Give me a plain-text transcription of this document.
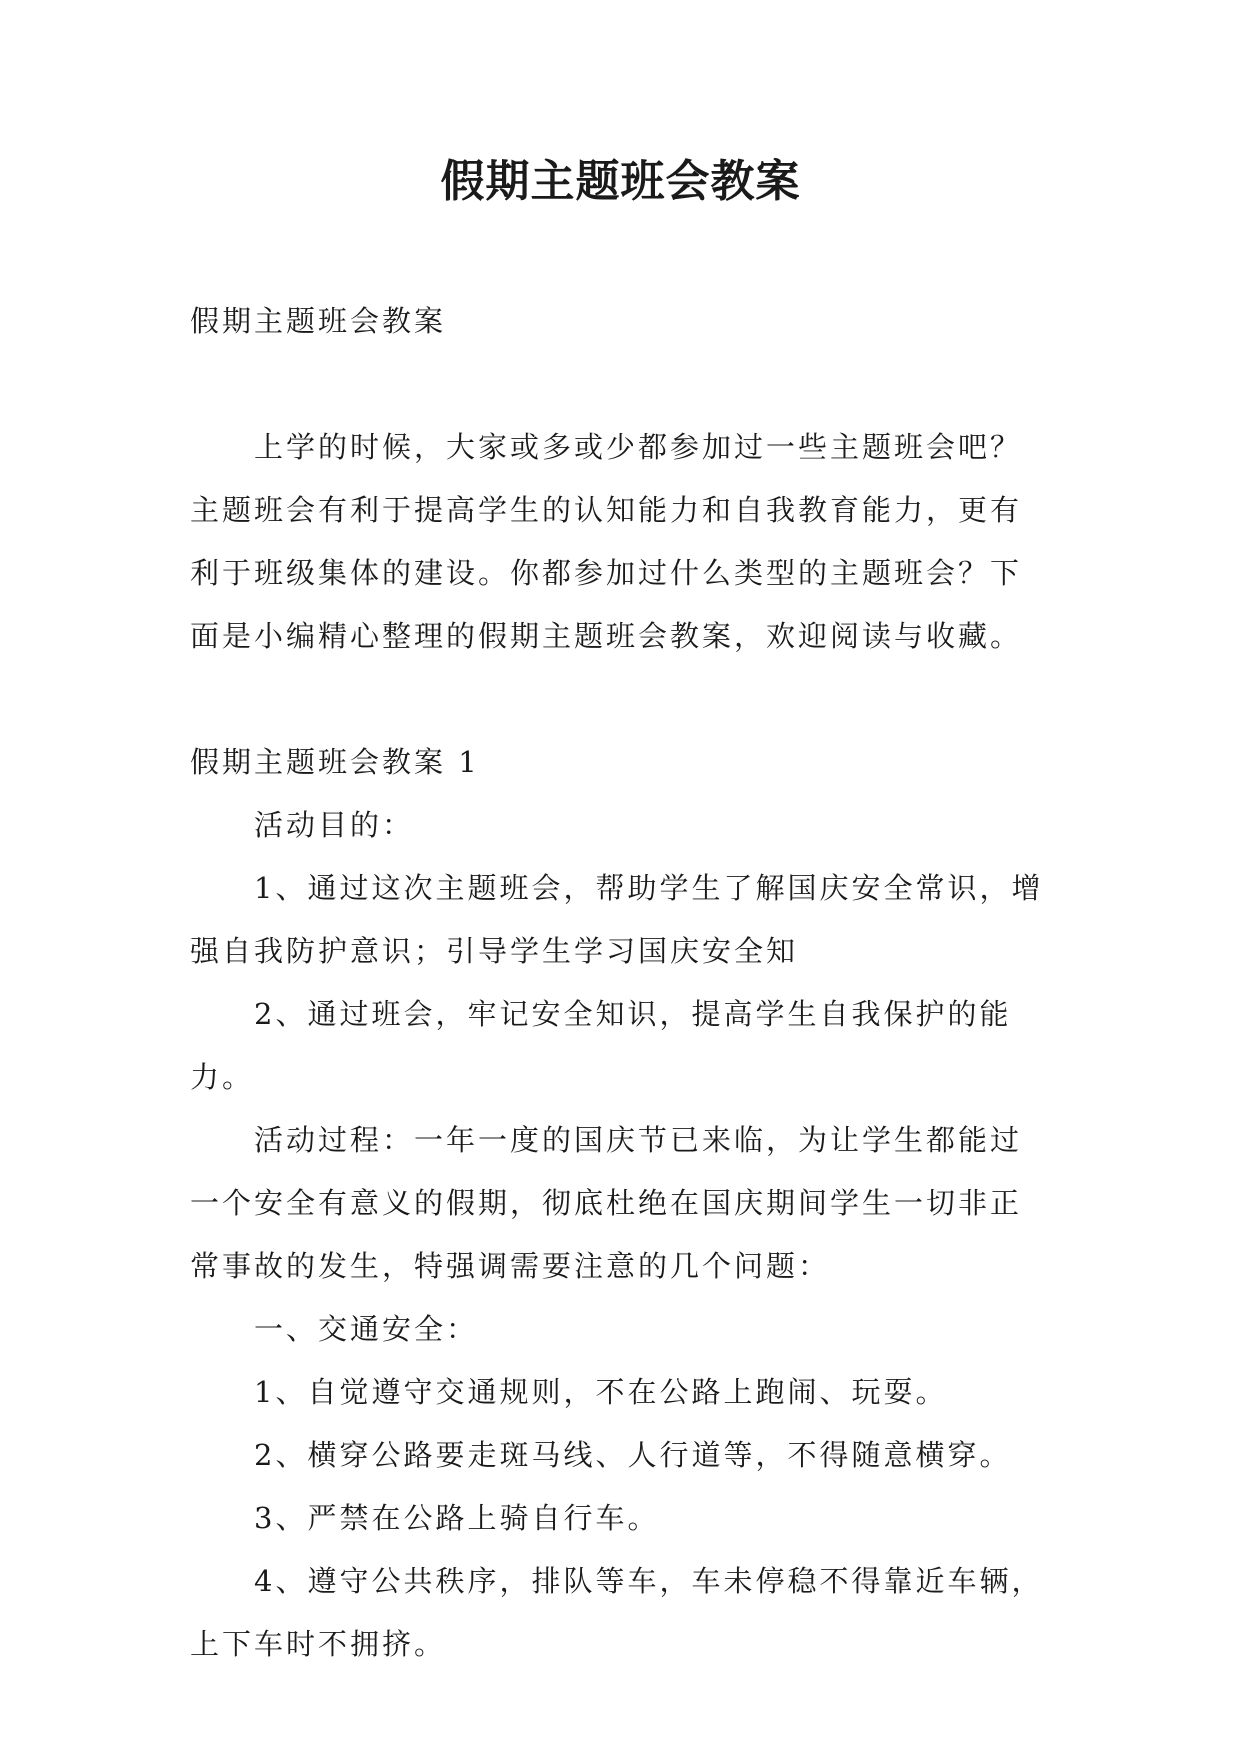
假期主题班会教案

假期主题班会教案

上学的时候，大家或多或少都参加过一些主题班会吧？主题班会有利于提高学生的认知能力和自我教育能力，更有利于班级集体的建设。你都参加过什么类型的主题班会？下面是小编精心整理的假期主题班会教案，欢迎阅读与收藏。

假期主题班会教案 1

活动目的：

1、通过这次主题班会，帮助学生了解国庆安全常识，增强自我防护意识；引导学生学习国庆安全知

2、通过班会，牢记安全知识，提高学生自我保护的能力。

活动过程：一年一度的国庆节已来临，为让学生都能过一个安全有意义的假期，彻底杜绝在国庆期间学生一切非正常事故的发生，特强调需要注意的几个问题：

一、交通安全：

1、自觉遵守交通规则，不在公路上跑闹、玩耍。

2、横穿公路要走斑马线、人行道等，不得随意横穿。

3、严禁在公路上骑自行车。

4、遵守公共秩序，排队等车，车未停稳不得靠近车辆，上下车时不拥挤。
